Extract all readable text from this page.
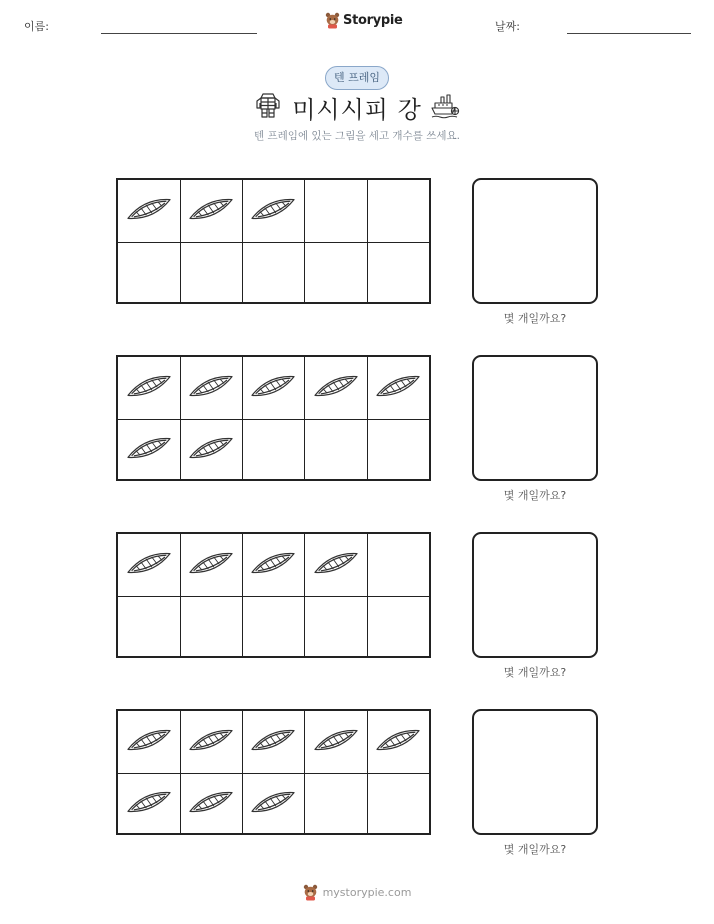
이름:	Storypie	날짜:
텐 프레임
미시시피 강
텐 프레임에 있는 그림을 세고 개수를 쓰세요.
몇 개일까요?
몇 개일까요?
몇 개일까요?
몇 개일까요?
mystorypie.com
